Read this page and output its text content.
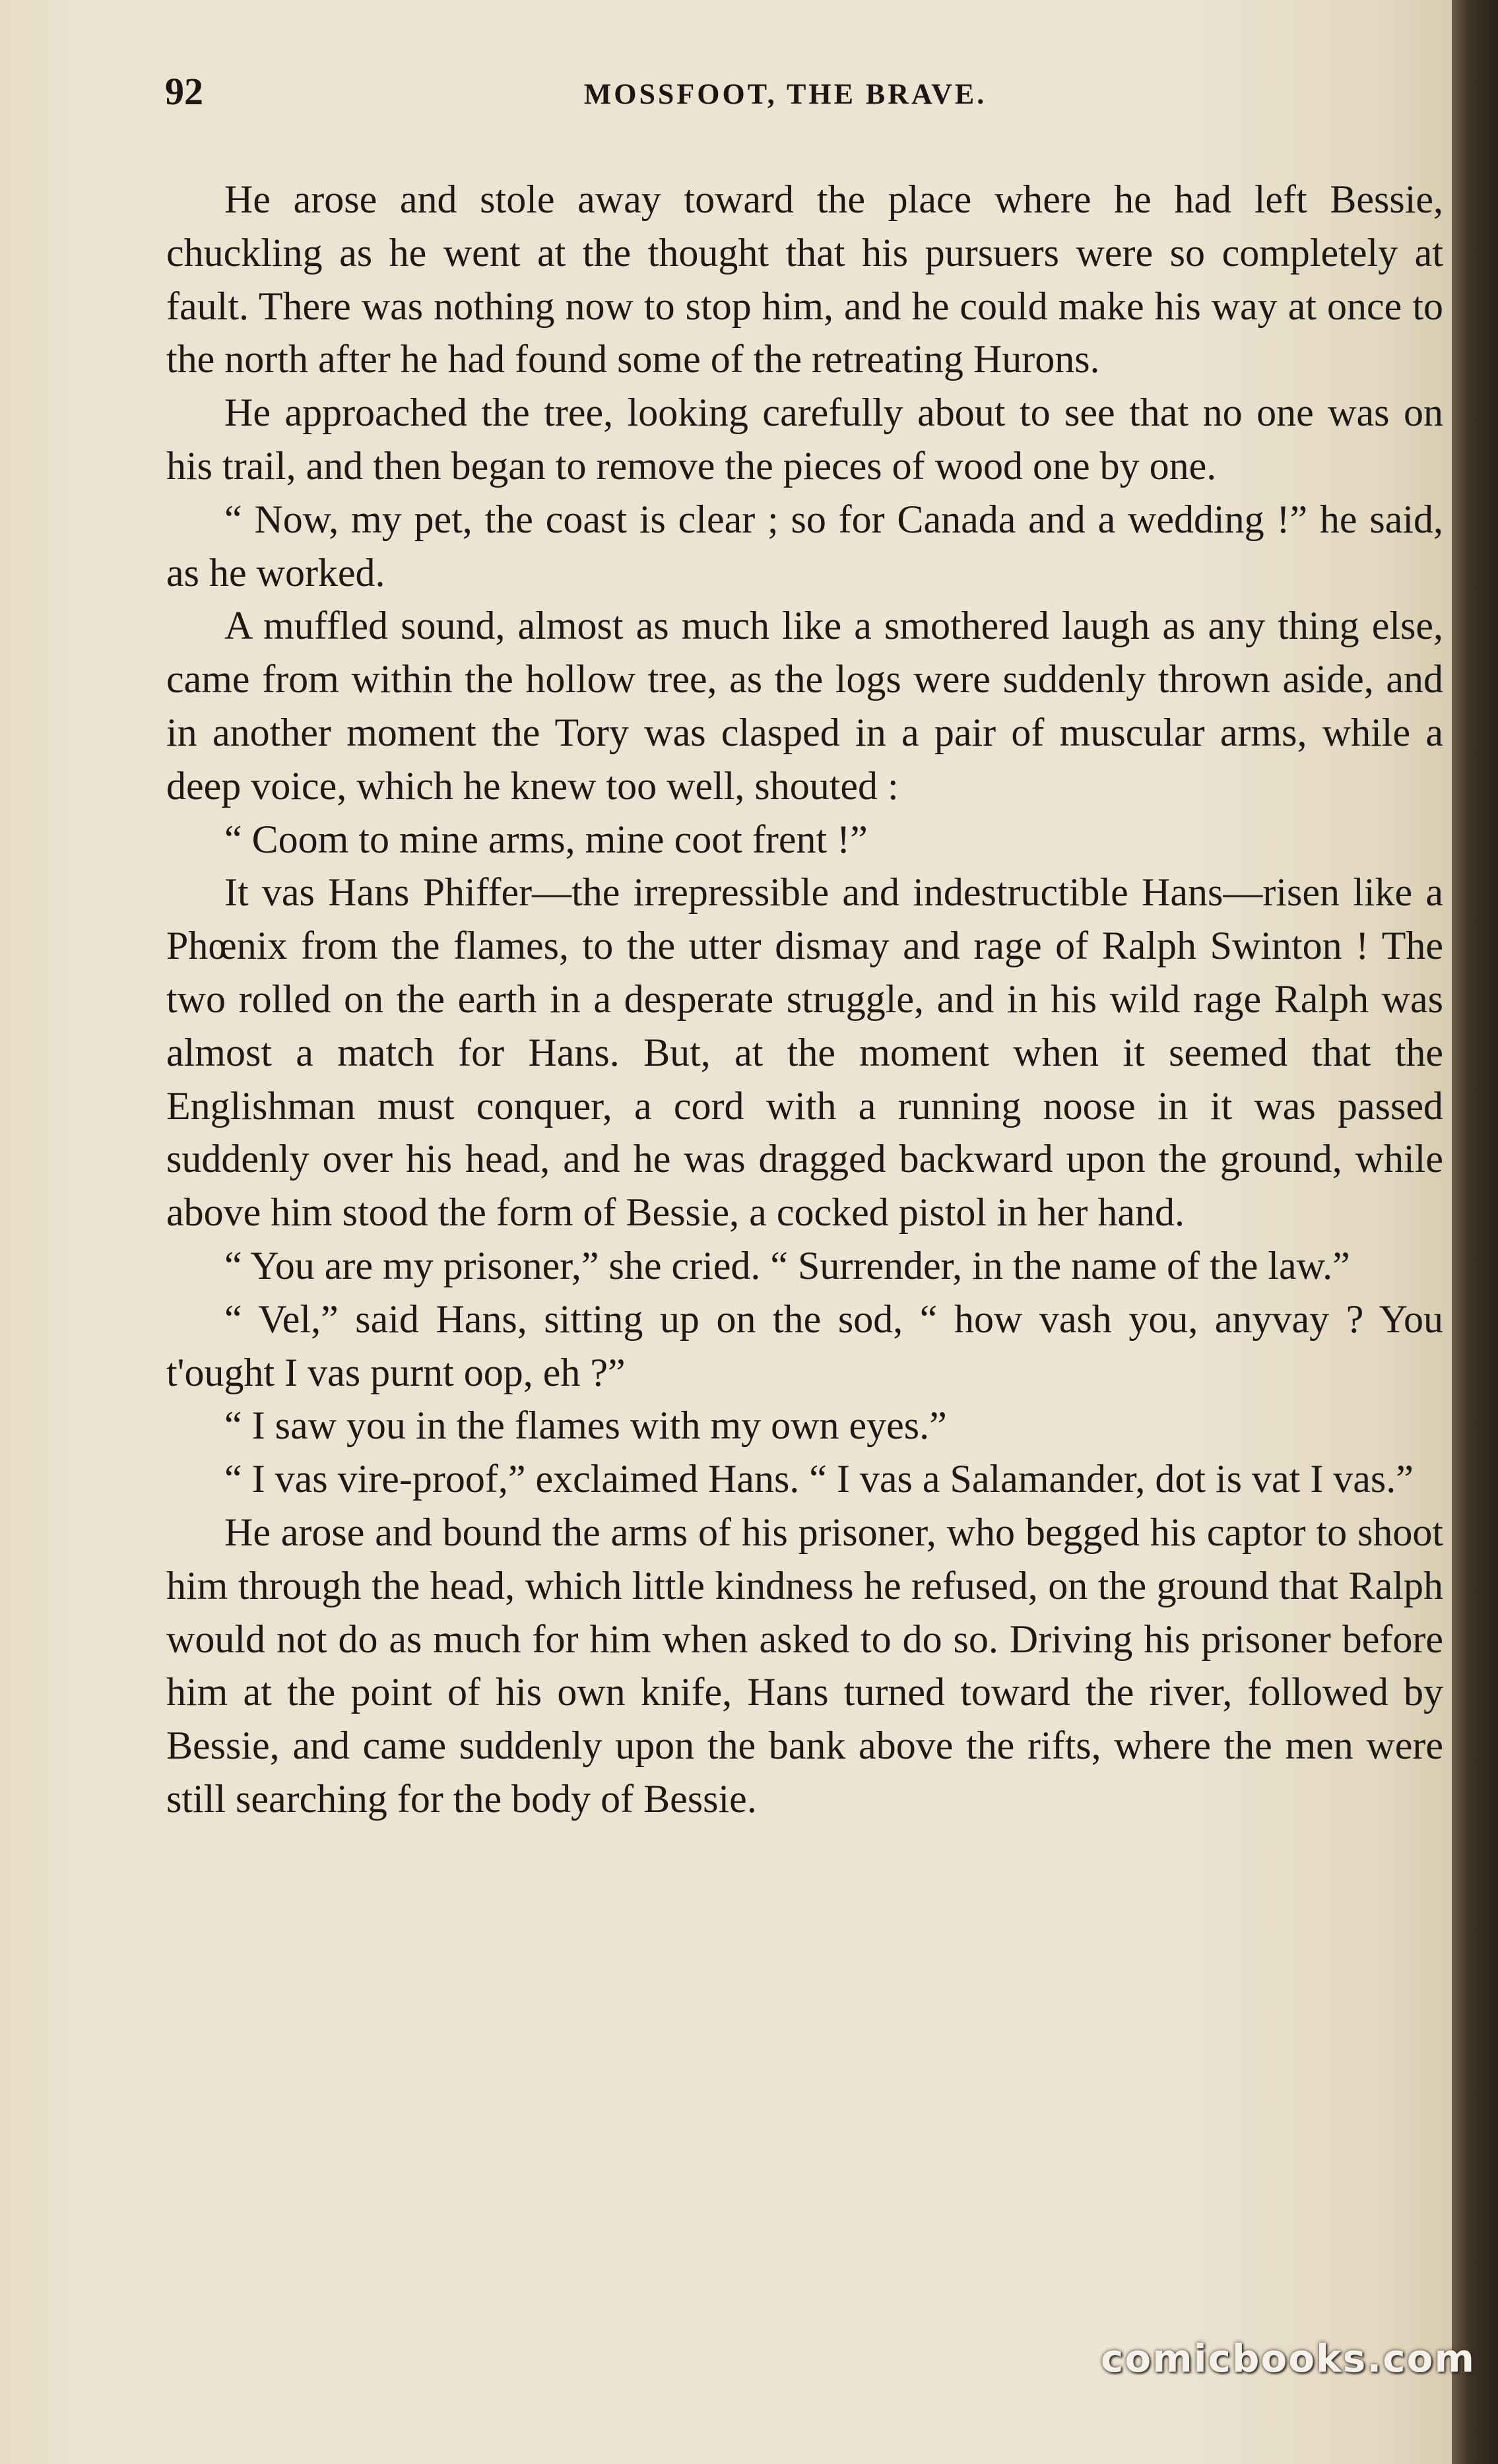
92	MOSSFOOT, THE BRAVE.

He arose and stole away toward the place where he had left Bessie, chuckling as he went at the thought that his pursuers were so completely at fault. There was nothing now to stop him, and he could make his way at once to the north after he had found some of the retreating Hurons.

He approached the tree, looking carefully about to see that no one was on his trail, and then began to remove the pieces of wood one by one.

“ Now, my pet, the coast is clear ; so for Canada and a wedding !” he said, as he worked.

A muffled sound, almost as much like a smothered laugh as any thing else, came from within the hollow tree, as the logs were suddenly thrown aside, and in another moment the Tory was clasped in a pair of muscular arms, while a deep voice, which he knew too well, shouted :

“ Coom to mine arms, mine coot frent !”

It vas Hans Phiffer—the irrepressible and indestructible Hans—risen like a Phœnix from the flames, to the utter dismay and rage of Ralph Swinton ! The two rolled on the earth in a desperate struggle, and in his wild rage Ralph was almost a match for Hans. But, at the moment when it seemed that the Englishman must conquer, a cord with a running noose in it was passed suddenly over his head, and he was dragged backward upon the ground, while above him stood the form of Bessie, a cocked pistol in her hand.

“ You are my prisoner,” she cried. “ Surrender, in the name of the law.”

“ Vel,” said Hans, sitting up on the sod, “ how vash you, anyvay ? You t'ought I vas purnt oop, eh ?”

“ I saw you in the flames with my own eyes.”

“ I vas vire-proof,” exclaimed Hans. “ I vas a Salamander, dot is vat I vas.”

He arose and bound the arms of his prisoner, who begged his captor to shoot him through the head, which little kindness he refused, on the ground that Ralph would not do as much for him when asked to do so. Driving his prisoner before him at the point of his own knife, Hans turned toward the river, followed by Bessie, and came suddenly upon the bank above the rifts, where the men were still searching for the body of Bessie.

comicbooks.com
